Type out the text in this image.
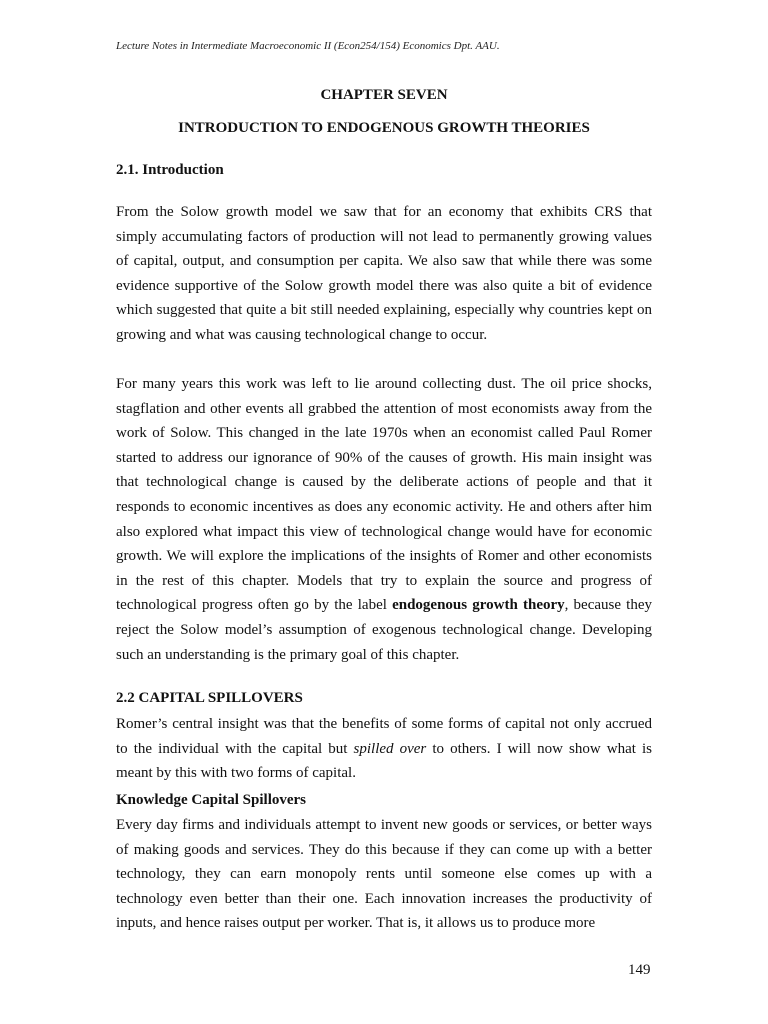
Lecture Notes in Intermediate Macroeconomic II (Econ254/154) Economics Dpt. AAU.
CHAPTER SEVEN
INTRODUCTION TO ENDOGENOUS GROWTH THEORIES
2.1. Introduction

From the Solow growth model we saw that for an economy that exhibits CRS that simply accumulating factors of production will not lead to permanently growing values of capital, output, and consumption per capita. We also saw that while there was some evidence supportive of the Solow growth model there was also quite a bit of evidence which suggested that quite a bit still needed explaining, especially why countries kept on growing and what was causing technological change to occur.

For many years this work was left to lie around collecting dust. The oil price shocks, stagflation and other events all grabbed the attention of most economists away from the work of Solow. This changed in the late 1970s when an economist called Paul Romer started to address our ignorance of 90% of the causes of growth. His main insight was that technological change is caused by the deliberate actions of people and that it responds to economic incentives as does any economic activity. He and others after him also explored what impact this view of technological change would have for economic growth. We will explore the implications of the insights of Romer and other economists in the rest of this chapter. Models that try to explain the source and progress of technological progress often go by the label endogenous growth theory, because they reject the Solow model’s assumption of exogenous technological change. Developing such an understanding is the primary goal of this chapter.

2.2 CAPITAL SPILLOVERS

Romer’s central insight was that the benefits of some forms of capital not only accrued to the individual with the capital but spilled over to others. I will now show what is meant by this with two forms of capital.

Knowledge Capital Spillovers

Every day firms and individuals attempt to invent new goods or services, or better ways of making goods and services. They do this because if they can come up with a better technology, they can earn monopoly rents until someone else comes up with a technology even better than their one. Each innovation increases the productivity of inputs, and hence raises output per worker. That is, it allows us to produce more

149
